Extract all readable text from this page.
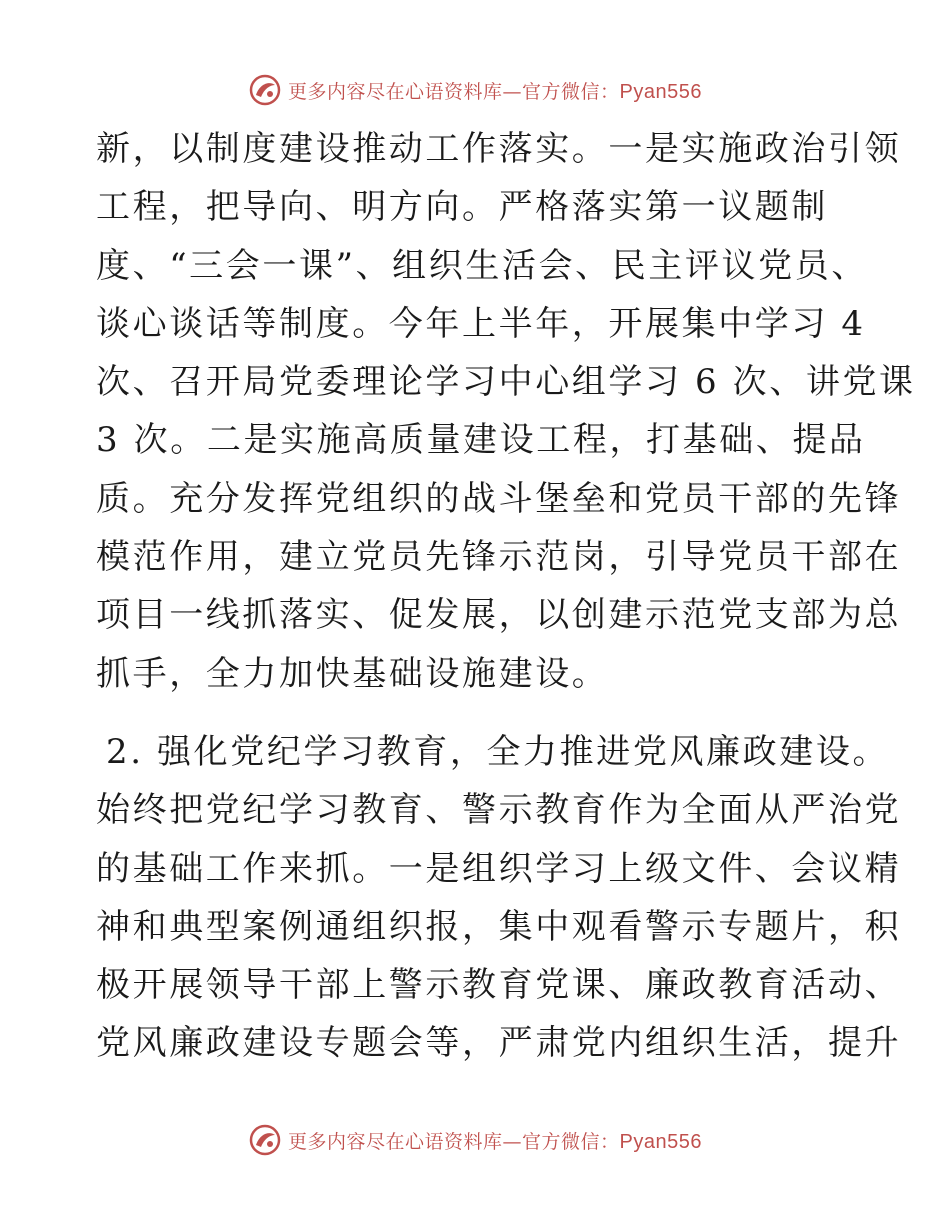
更多内容尽在心语资料库—官方微信：Pyan556
新，以制度建设推动工作落实。一是实施政治引领
工程，把导向、明方向。严格落实第一议题制
度、“三会一课”、组织生活会、民主评议党员、
谈心谈话等制度。今年上半年，开展集中学习 4
次、召开局党委理论学习中心组学习 6 次、讲党课
3 次。二是实施高质量建设工程，打基础、提品
质。充分发挥党组织的战斗堡垒和党员干部的先锋
模范作用，建立党员先锋示范岗，引导党员干部在
项目一线抓落实、促发展，以创建示范党支部为总
抓手，全力加快基础设施建设。
2. 强化党纪学习教育，全力推进党风廉政建设。
始终把党纪学习教育、警示教育作为全面从严治党
的基础工作来抓。一是组织学习上级文件、会议精
神和典型案例通组织报，集中观看警示专题片，积
极开展领导干部上警示教育党课、廉政教育活动、
党风廉政建设专题会等，严肃党内组织生活，提升
更多内容尽在心语资料库—官方微信：Pyan556
